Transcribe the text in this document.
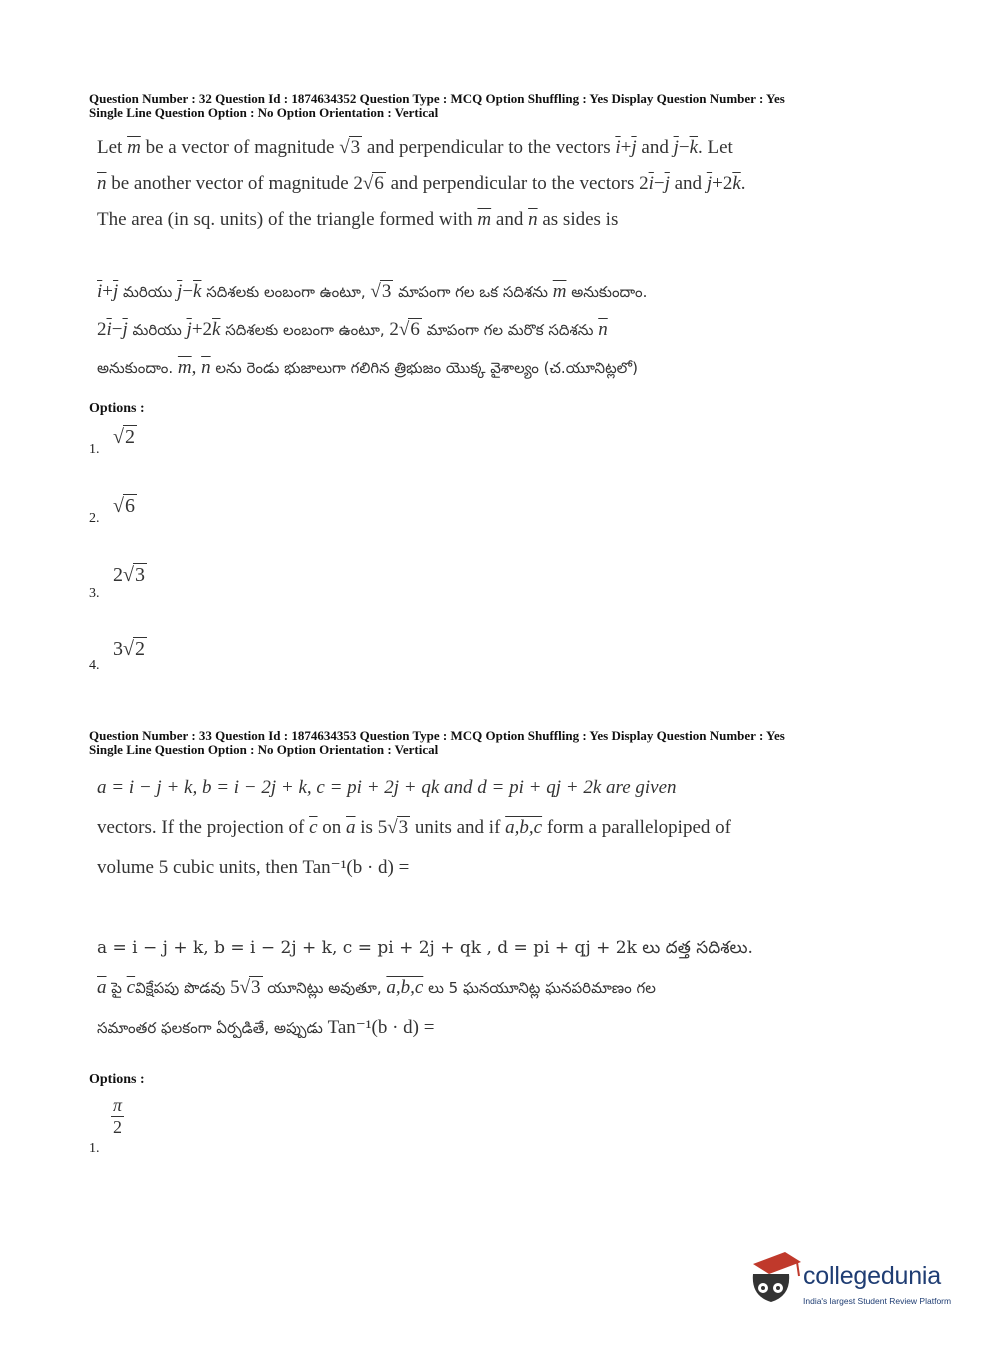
Question Number : 32 Question Id : 1874634352 Question Type : MCQ Option Shuffling : Yes Display Question Number : Yes
Single Line Question Option : No Option Orientation : Vertical
Let $\overline{m}$ be a vector of magnitude √3 and perpendicular to the vectors $\overline{i}+\overline{j}$ and $\overline{j}-\overline{k}$. Let
$\overline{n}$ be another vector of magnitude 2√6 and perpendicular to the vectors $2\overline{i}-\overline{j}$ and $\overline{j}+2\overline{k}$.
The area (in sq. units) of the triangle formed with $\overline{m}$ and $\overline{n}$ as sides is
$\overline{i}+\overline{j}$ మరియు $\overline{j}-\overline{k}$ సదిశలకు లంబంగా ఉంటూ, √3 మాపంగా గల ఒక సదిశను $\overline{m}$ అనుకుందాం.
$2\overline{i}-\overline{j}$ మరియు $\overline{j}+2\overline{k}$ సదిశలకు లంబంగా ఉంటూ, 2√6 మాపంగా గల మరొక సదిశను $\overline{n}$
అనుకుందాం. $\overline{m}$, $\overline{n}$ లను రెండు భుజాలుగా గలిగిన త్రిభుజం యొక్క వైశాల్యం (చ.యూనిట్లలో)
Options :
1.
√2
2.
√6
3.
2√3
4.
3√2
Question Number : 33 Question Id : 1874634353 Question Type : MCQ Option Shuffling : Yes Display Question Number : Yes
Single Line Question Option : No Option Orientation : Vertical
a = i − j + k, b = i − 2j + k, c = pi + 2j + qk and d = pi + qj + 2k are given
vectors. If the projection of $\overline{c}$ on $\overline{a}$ is 5√3 units and if a,b,c form a parallelopiped of
volume 5 cubic units, then Tan⁻¹(b · d) =
a = i − j + k, b = i − 2j + k, c = pi + 2j + qk , d = pi + qj + 2k లు దత్త సదిశలు.
$\overline{a}$ పై $\overline{c}విక్షేపపు$ పొడవు 5√3 యూనిట్లు అవుతూ, a,b,c లు 5 ఘనయూనిట్ల ఘనపరిమాణం గల
సమాంతర ఫలకంగా ఏర్పడితే, అప్పుడు Tan⁻¹(b · d) =
Options :
1.
$\frac{\pi}{2}$
collegedunia
India's largest Student Review Platform
